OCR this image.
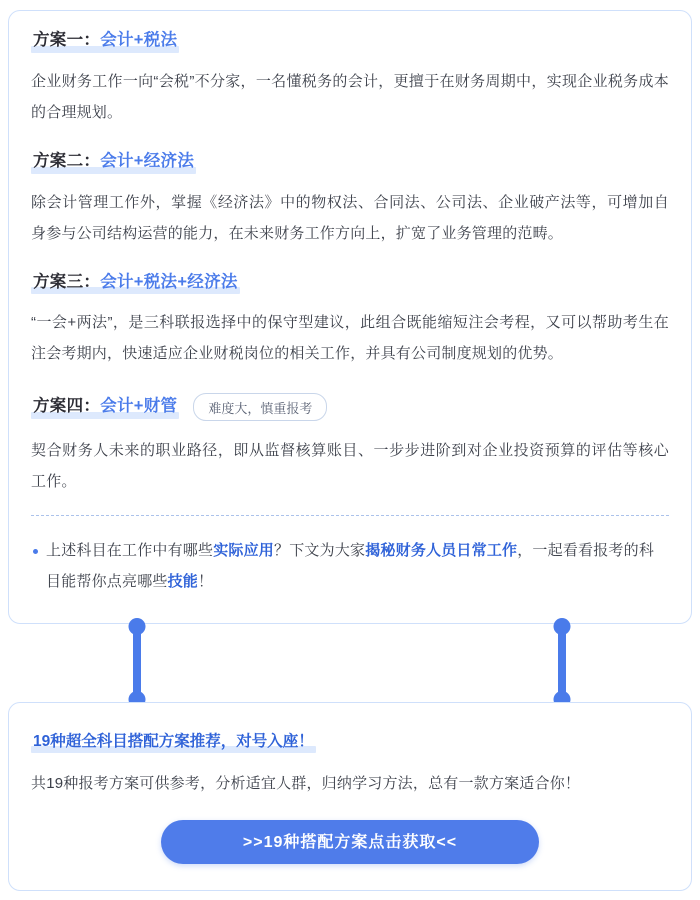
方案一：会计+税法

企业财务工作一向“会税”不分家，一名懂税务的会计，更擅于在财务周期中，实现企业税务成本的合理规划。

方案二：会计+经济法

除会计管理工作外，掌握《经济法》中的物权法、合同法、公司法、企业破产法等，可增加自身参与公司结构运营的能力，在未来财务工作方向上，扩宽了业务管理的范畴。

方案三：会计+税法+经济法

“一会+两法”，是三科联报选择中的保守型建议，此组合既能缩短注会考程，又可以帮助考生在注会考期内，快速适应企业财税岗位的相关工作，并具有公司制度规划的优势。

方案四：会计+财管	难度大，慎重报考

契合财务人未来的职业路径，即从监督核算账目、一步步进阶到对企业投资预算的评估等核心工作。

上述科目在工作中有哪些实际应用？下文为大家揭秘财务人员日常工作，一起看看报考的科目能帮你点亮哪些技能！
19种超全科目搭配方案推荐，对号入座！

共19种报考方案可供参考，分析适宜人群，归纳学习方法，总有一款方案适合你！

>>19种搭配方案点击获取<<
